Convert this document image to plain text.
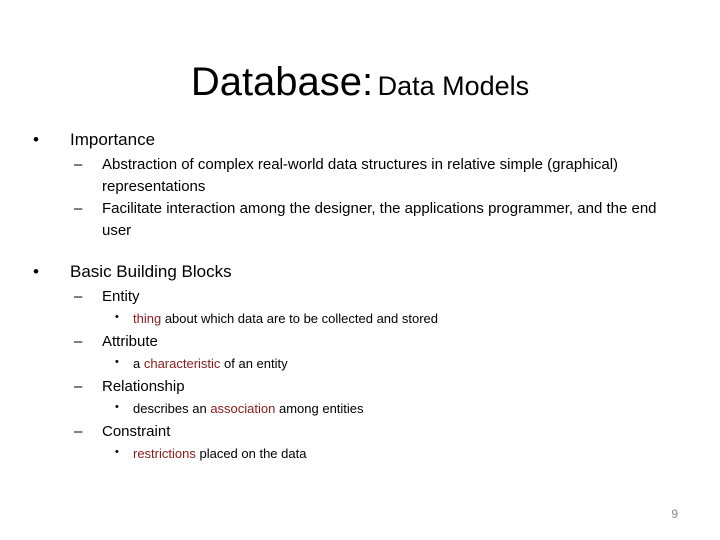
Database: Data Models
• Importance
– Abstraction of complex real-world data structures in relative simple (graphical) representations
– Facilitate interaction among the designer, the applications programmer, and the end user
• Basic Building Blocks
– Entity
• thing about which data are to be collected and stored
– Attribute
• a characteristic of an entity
– Relationship
• describes an association among entities
– Constraint
• restrictions placed on the data
9
